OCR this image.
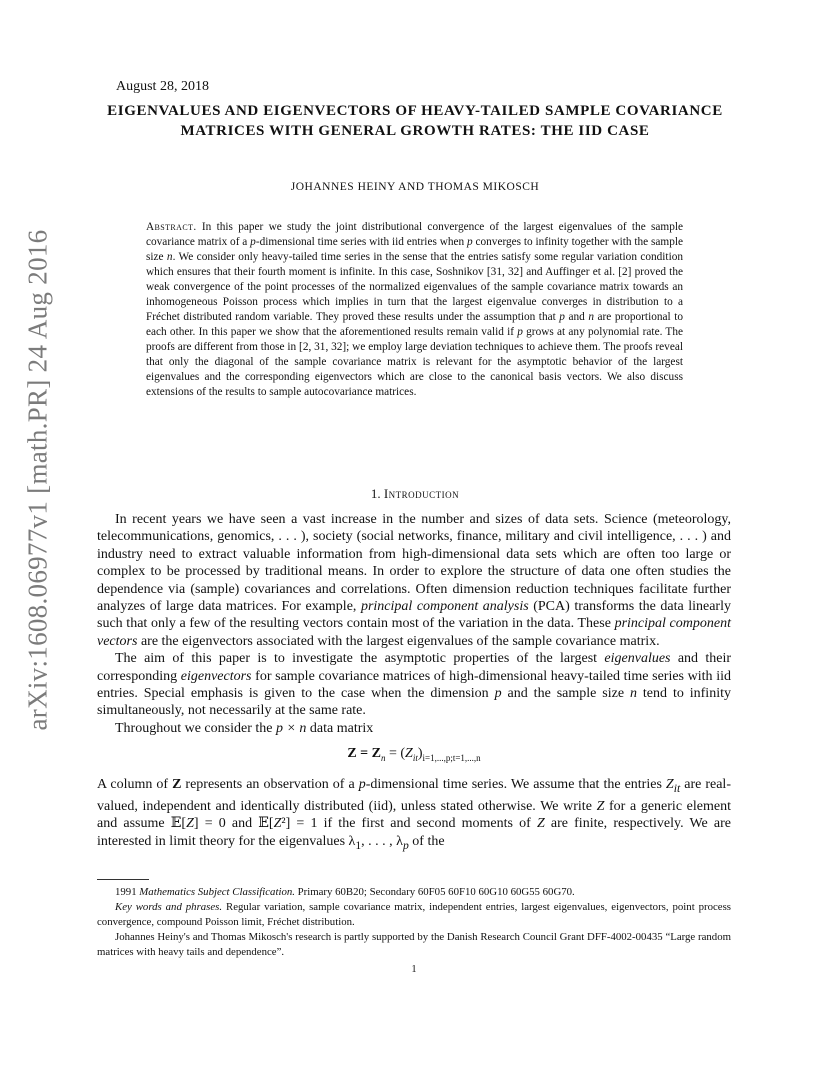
arXiv:1608.06977v1 [math.PR] 24 Aug 2016
August 28, 2018
EIGENVALUES AND EIGENVECTORS OF HEAVY-TAILED SAMPLE COVARIANCE MATRICES WITH GENERAL GROWTH RATES: THE IID CASE
JOHANNES HEINY AND THOMAS MIKOSCH
Abstract. In this paper we study the joint distributional convergence of the largest eigenvalues of the sample covariance matrix of a p-dimensional time series with iid entries when p converges to infinity together with the sample size n. We consider only heavy-tailed time series in the sense that the entries satisfy some regular variation condition which ensures that their fourth moment is infinite. In this case, Soshnikov [31, 32] and Auffinger et al. [2] proved the weak convergence of the point processes of the normalized eigenvalues of the sample covariance matrix towards an inhomogeneous Poisson process which implies in turn that the largest eigenvalue converges in distribution to a Fréchet distributed random variable. They proved these results under the assumption that p and n are proportional to each other. In this paper we show that the aforementioned results remain valid if p grows at any polynomial rate. The proofs are different from those in [2, 31, 32]; we employ large deviation techniques to achieve them. The proofs reveal that only the diagonal of the sample covariance matrix is relevant for the asymptotic behavior of the largest eigenvalues and the corresponding eigenvectors which are close to the canonical basis vectors. We also discuss extensions of the results to sample autocovariance matrices.
1. Introduction

In recent years we have seen a vast increase in the number and sizes of data sets. Science (meteorology, telecommunications, genomics, . . . ), society (social networks, finance, military and civil intelligence, . . . ) and industry need to extract valuable information from high-dimensional data sets which are often too large or complex to be processed by traditional means. In order to explore the structure of data one often studies the dependence via (sample) covariances and correlations. Often dimension reduction techniques facilitate further analyzes of large data matrices. For example, principal component analysis (PCA) transforms the data linearly such that only a few of the resulting vectors contain most of the variation in the data. These principal component vectors are the eigenvectors associated with the largest eigenvalues of the sample covariance matrix.

The aim of this paper is to investigate the asymptotic properties of the largest eigenvalues and their corresponding eigenvectors for sample covariance matrices of high-dimensional heavy-tailed time series with iid entries. Special emphasis is given to the case when the dimension p and the sample size n tend to infinity simultaneously, not necessarily at the same rate.

Throughout we consider the p × n data matrix

$Z = Z_n = (Z_{it})_{i=1,...,p;t=1,...,n}$

A column of Z represents an observation of a p-dimensional time series. We assume that the entries $Z_{it}$ are real-valued, independent and identically distributed (iid), unless stated otherwise. We write Z for a generic element and assume 𝔼[Z] = 0 and 𝔼[Z²] = 1 if the first and second moments of Z are finite, respectively. We are interested in limit theory for the eigenvalues $\lambda_1$, . . . , $\lambda_p$ of the

1991 Mathematics Subject Classification. Primary 60B20; Secondary 60F05 60F10 60G10 60G55 60G70.

Key words and phrases. Regular variation, sample covariance matrix, independent entries, largest eigenvalues, eigenvectors, point process convergence, compound Poisson limit, Fréchet distribution.

Johannes Heiny's and Thomas Mikosch's research is partly supported by the Danish Research Council Grant DFF-4002-00435 “Large random matrices with heavy tails and dependence”.

1
